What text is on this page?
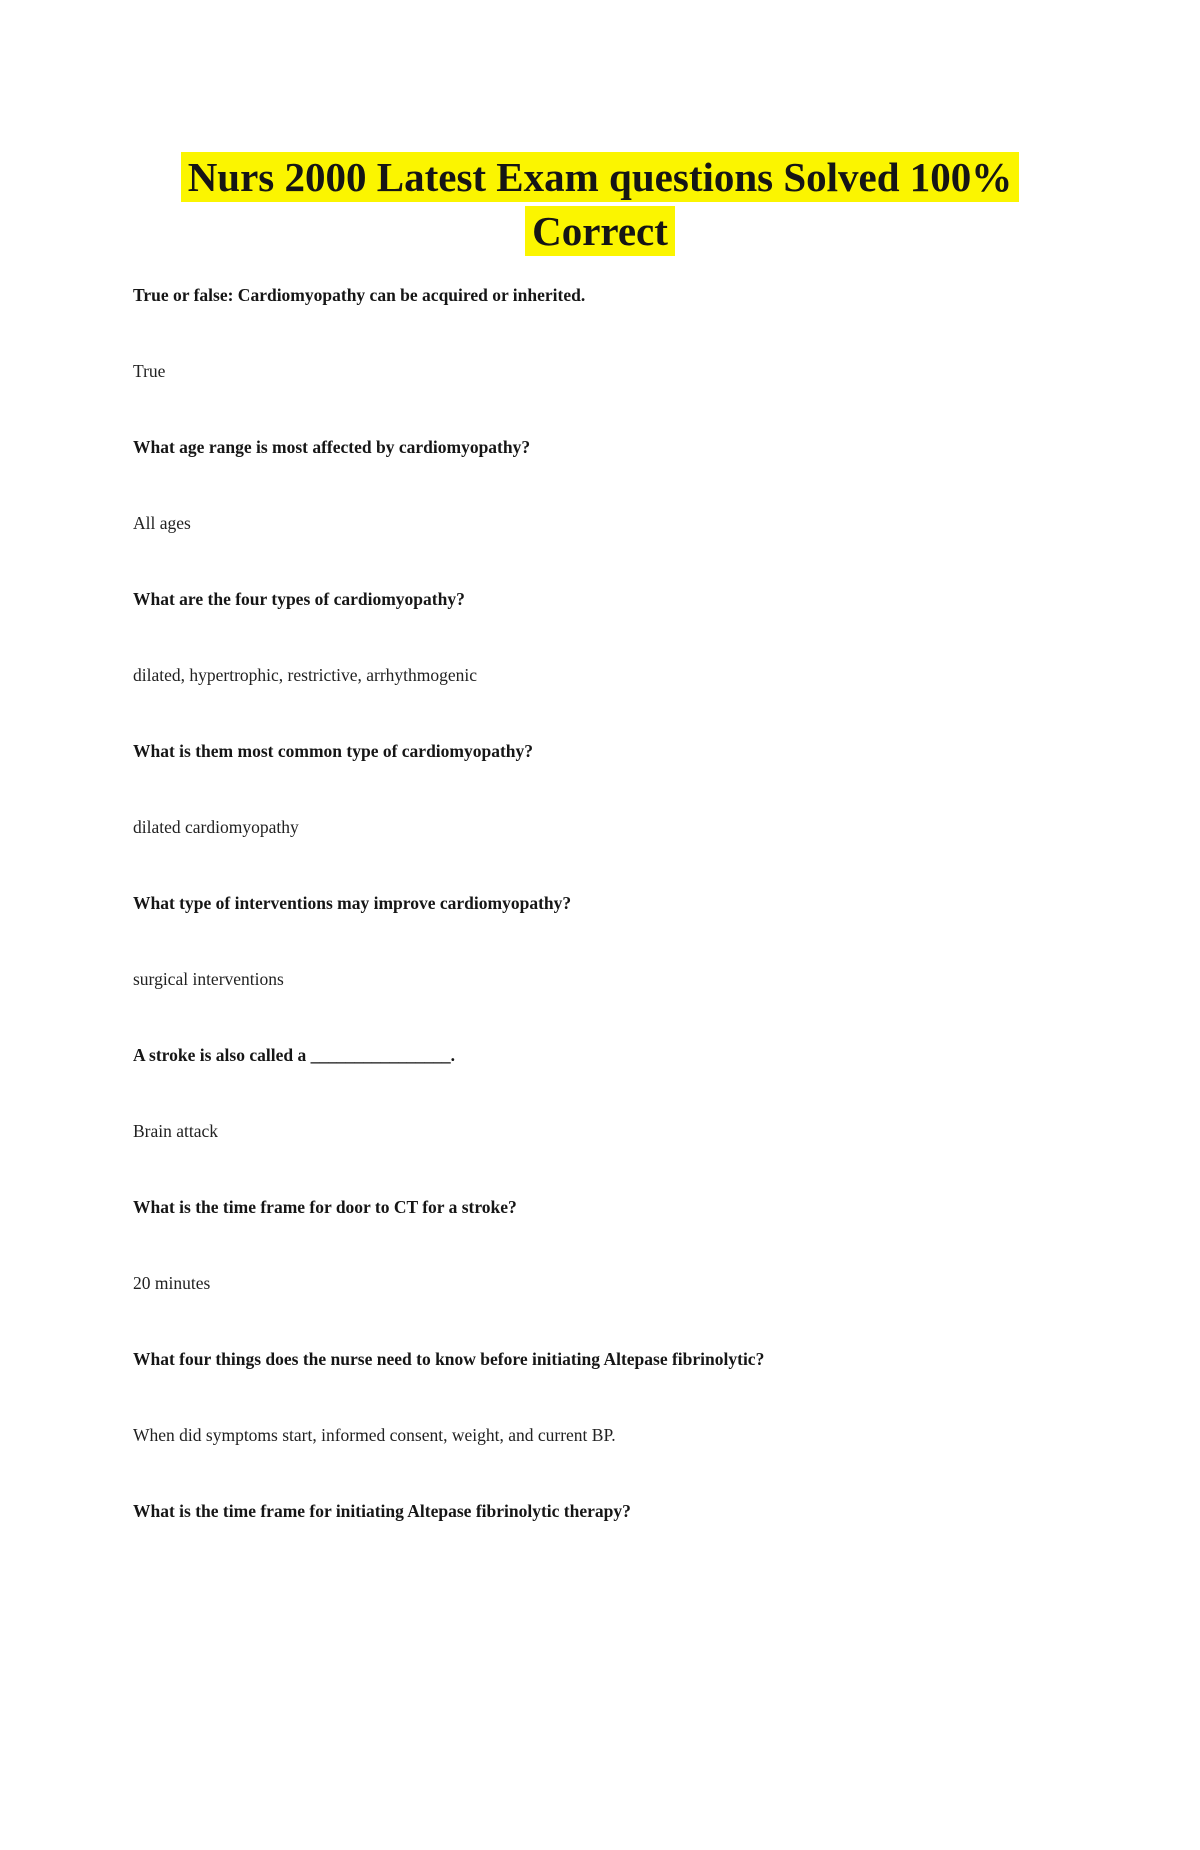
Nurs 2000 Latest Exam questions Solved 100% Correct

True or false: Cardiomyopathy can be acquired or inherited.

True

What age range is most affected by cardiomyopathy?

All ages

What are the four types of cardiomyopathy?

dilated, hypertrophic, restrictive, arrhythmogenic

What is them most common type of cardiomyopathy?

dilated cardiomyopathy

What type of interventions may improve cardiomyopathy?

surgical interventions

A stroke is also called a ________________.

Brain attack

What is the time frame for door to CT for a stroke?

20 minutes

What four things does the nurse need to know before initiating Altepase fibrinolytic?

When did symptoms start, informed consent, weight, and current BP.

What is the time frame for initiating Altepase fibrinolytic therapy?
